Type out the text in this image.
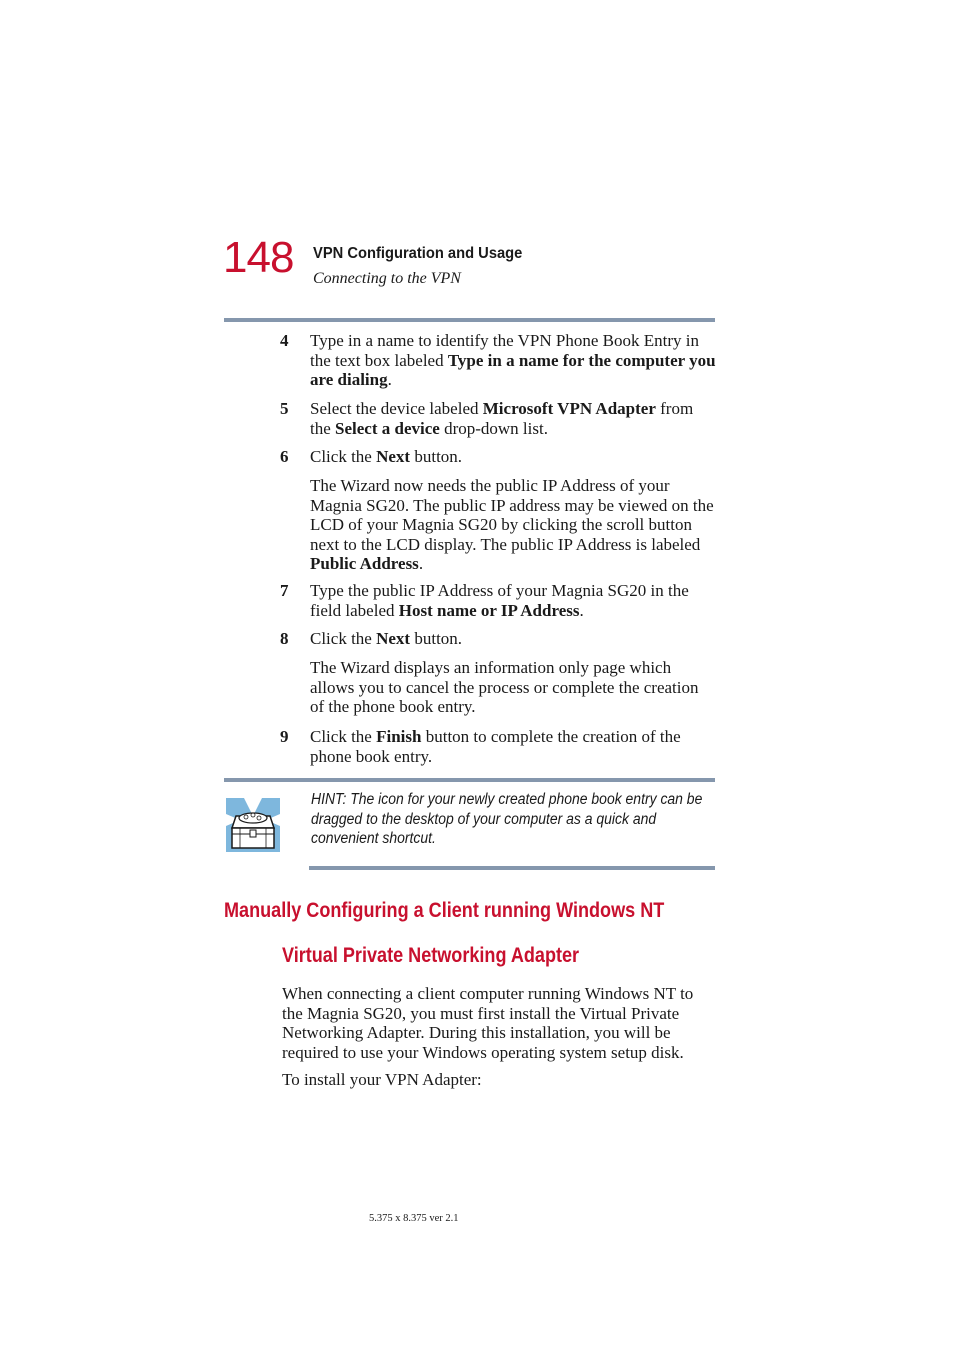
148 VPN Configuration and Usage
Connecting to the VPN
4	Type in a name to identify the VPN Phone Book Entry in the text box labeled Type in a name for the computer you are dialing.
5	Select the device labeled Microsoft VPN Adapter from the Select a device drop-down list.
6	Click the Next button.
The Wizard now needs the public IP Address of your Magnia SG20. The public IP address may be viewed on the LCD of your Magnia SG20 by clicking the scroll button next to the LCD display. The public IP Address is labeled Public Address.
7	Type the public IP Address of your Magnia SG20 in the field labeled Host name or IP Address.
8	Click the Next button.
The Wizard displays an information only page which allows you to cancel the process or complete the creation of the phone book entry.
9	Click the Finish button to complete the creation of the phone book entry.
HINT: The icon for your newly created phone book entry can be
dragged to the desktop of your computer as a quick and
convenient shortcut.
Manually Configuring a Client running Windows NT
Virtual Private Networking Adapter
When connecting a client computer running Windows NT to the Magnia SG20, you must first install the Virtual Private Networking Adapter. During this installation, you will be required to use your Windows operating system setup disk.
To install your VPN Adapter:
5.375 x 8.375 ver 2.1
